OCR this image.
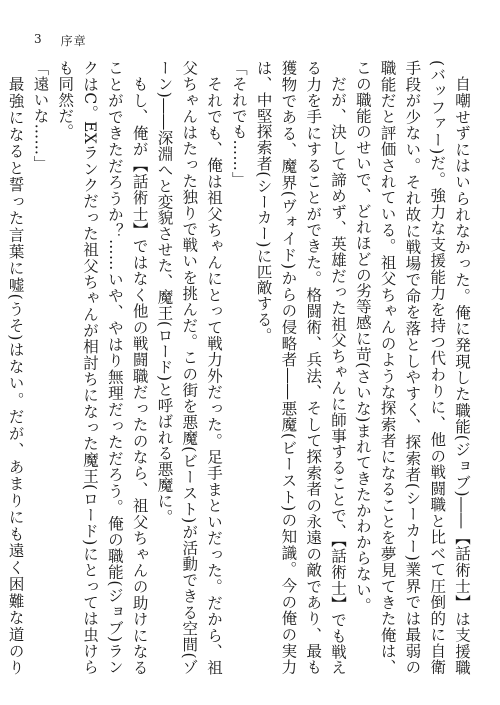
3 序章

自嘲せずにはいられなかった。俺に発現した職能(ジョブ)――【話術士】は支援職(バッファー)だ。強力な支援能力を持つ代わりに、他の戦闘職と比べて圧倒的に自衛手段が少ない。それ故に戦場で命を落としやすく、探索者(シーカー)業界では最弱の職能だと評価されている。祖父ちゃんのような探索者になることを夢見てきた俺は、この職能のせいで、どれほどの劣等感に苛(さいな)まれてきたかわからない。

だが、決して諦めず、英雄だった祖父ちゃんに師事することで、【話術士】でも戦える力を手にすることができた。格闘術、兵法、そして探索者の永遠の敵であり、最も獲物である、魔界(ヴォイド)からの侵略者――悪魔(ビースト)の知識。今の俺の実力は、中堅探索者(シーカー)に匹敵する。

「それでも……」

それでも、俺は祖父ちゃんにとって戦力外だった。足手まといだった。だから、祖父ちゃんはたった独りで戦いを挑んだ。この街を悪魔(ビースト)が活動できる空間(ゾーン)――深淵へと変貌させた、魔王(ロード)と呼ばれる悪魔に。

もし、俺が【話術士】ではなく他の戦闘職だったのなら、祖父ちゃんの助けになることができただろうか？……いや、やはり無理だっただろう。俺の職能(ジョブ)ランクはC。EXランクだった祖父ちゃんが相討ちになった魔王(ロード)にとっては虫けらも同然だ。

「遠いな……」

最強になると誓った言葉に嘘(うそ)はない。だが、あまりにも遠く困難な道のり
